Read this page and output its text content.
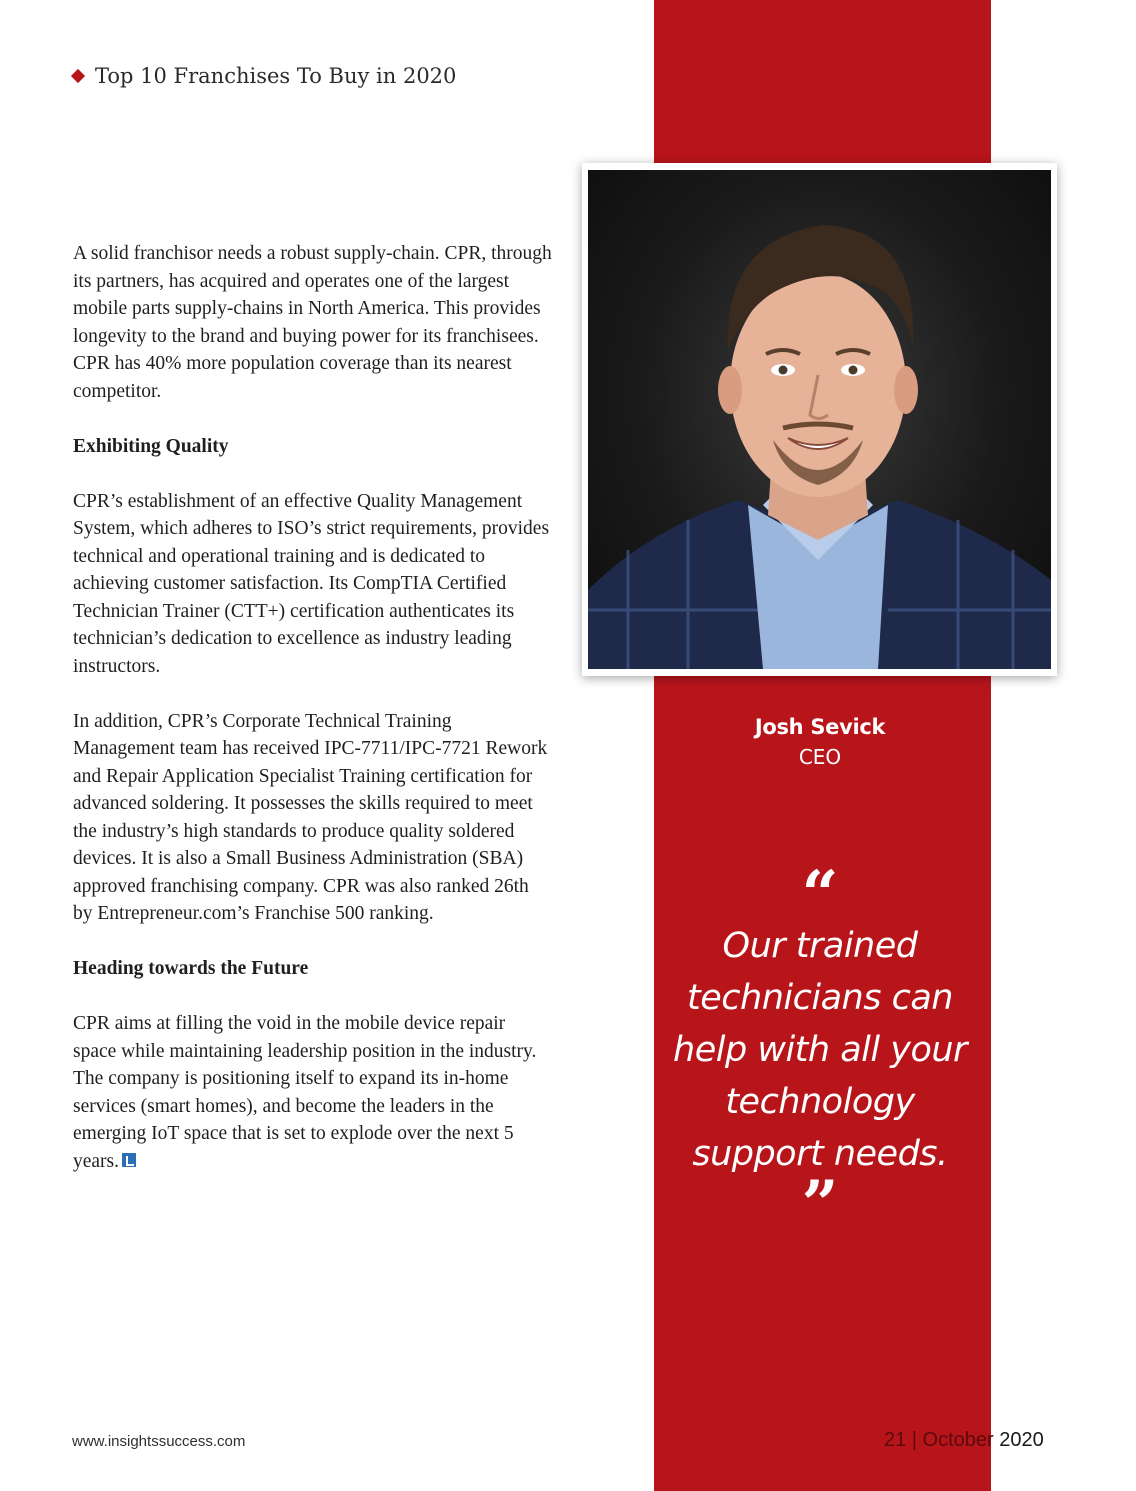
Top 10 Franchises To Buy in 2020

A solid franchisor needs a robust supply-chain. CPR, through its partners, has acquired and operates one of the largest mobile parts supply-chains in North America. This provides longevity to the brand and buying power for its franchisees. CPR has 40% more population coverage than its nearest competitor.

Exhibiting Quality

CPR’s establishment of an effective Quality Management System, which adheres to ISO’s strict requirements, provides technical and operational training and is dedicated to achieving customer satisfaction. Its CompTIA Certified Technician Trainer (CTT+) certification authenticates its technician’s dedication to excellence as industry leading instructors.

In addition, CPR’s Corporate Technical Training Management team has received IPC-7711/IPC-7721 Rework and Repair Application Specialist Training certification for advanced soldering. It possesses the skills required to meet the industry’s high standards to produce quality soldered devices. It is also a Small Business Administration (SBA) approved franchising company. CPR was also ranked 26th by Entrepreneur.com’s Franchise 500 ranking.

Heading towards the Future

CPR aims at filling the void in the mobile device repair space while maintaining leadership position in the industry. The company is positioning itself to expand its in-home services (smart homes), and become the leaders in the emerging IoT space that is set to explode over the next 5 years.

Josh Sevick
CEO
“
Our trained technicians can help with all your technology support needs.
”
www.insightssuccess.com	21 | October 2020
